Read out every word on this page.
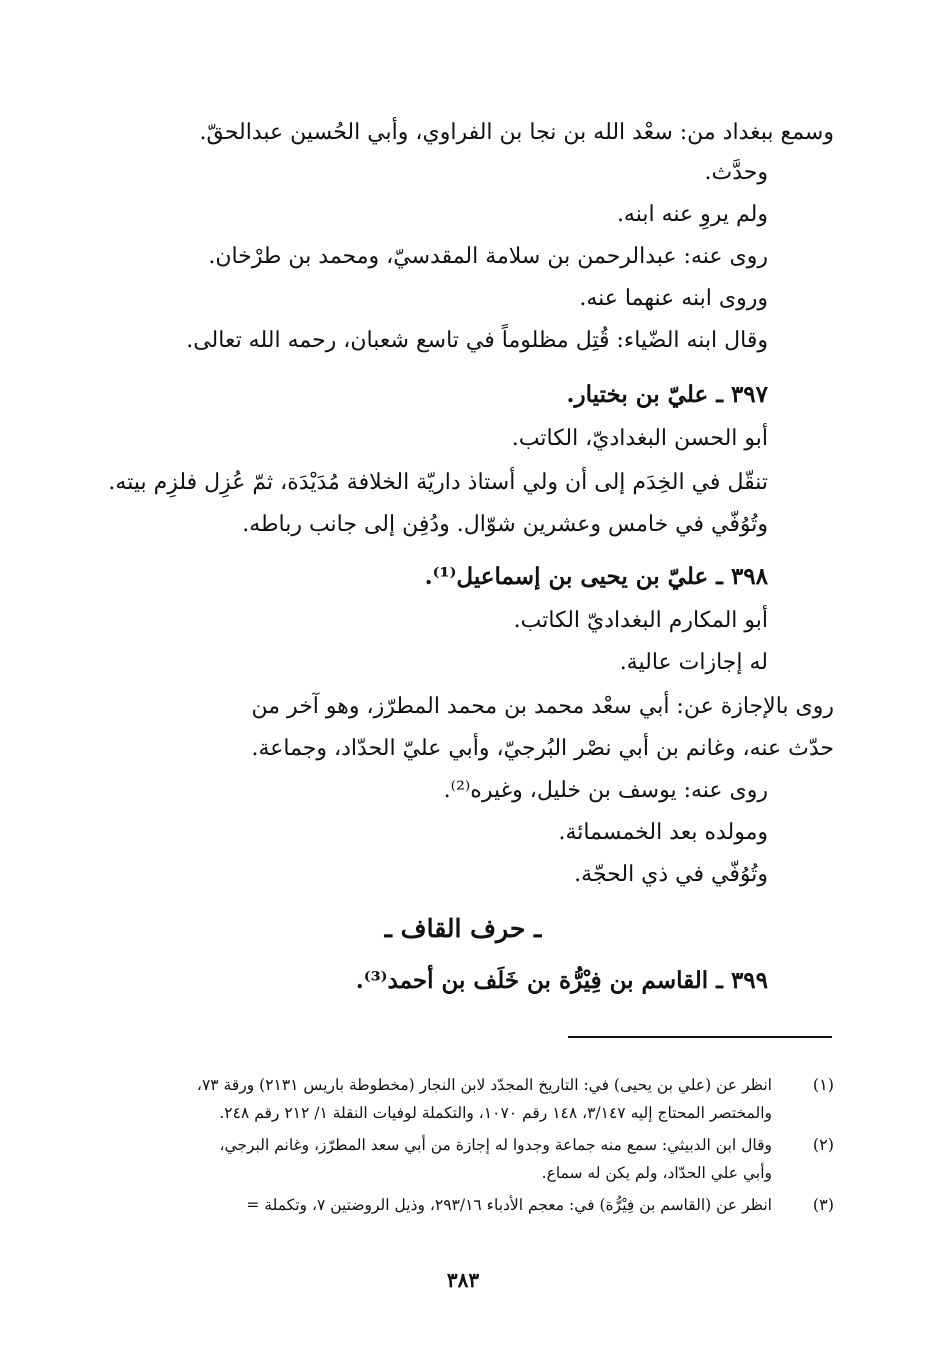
وسمع ببغداد من: سعْد الله بن نجا بن الفراوي، وأبي الحُسين عبدالحقّ.
وحدَّث.
ولم يروِ عنه ابنه.
روى عنه: عبدالرحمن بن سلامة المقدسيّ، ومحمد بن طرْخان.
وروى ابنه عنهما عنه.
وقال ابنه الضّياء: قُتِل مظلوماً في تاسع شعبان، رحمه الله تعالى.
٣٩٧ ـ عليّ بن بختيار.
أبو الحسن البغداديّ، الكاتب.
تنقّل في الخِدَم إلى أن ولي أستاذ داريّة الخلافة مُدَيْدَة، ثمّ عُزِل فلزِم بيته.
وتُوُفّي في خامس وعشرين شوّال. ودُفِن إلى جانب رباطه.
٣٩٨ ـ عليّ بن يحيى بن إسماعيل⁽¹⁾.
أبو المكارم البغداديّ الكاتب.
له إجازات عالية.
روى بالإجازة عن: أبي سعْد محمد بن محمد المطرّز، وهو آخر من
حدّث عنه، وغانم بن أبي نصْر البُرجيّ، وأبي عليّ الحدّاد، وجماعة.
روى عنه: يوسف بن خليل، وغيره⁽²⁾.
ومولده بعد الخمسمائة.
وتُوُفّي في ذي الحجّة.
ـ حرف القاف ـ
٣٩٩ ـ القاسم بن فِيْرُّة بن خَلَف بن أحمد⁽³⁾.
(١)
انظر عن (علي بن يحيى) في: التاريخ المجدّد لابن النجار (مخطوطة باريس ٢١٣١) ورقة ٧٣،
والمختصر المحتاج إليه ٣/١٤٧، ١٤٨ رقم ١٠٧٠، والتكملة لوفيات النقلة ١/ ٢١٢ رقم ٢٤٨.
(٢)
وقال ابن الدبيثي: سمع منه جماعة وجدوا له إجازة من أبي سعد المطرّز، وغانم البرجي،
وأبي علي الحدّاد، ولم يكن له سماع.
(٣)
انظر عن (القاسم بن فِيْرُّة) في: معجم الأدباء ٢٩٣/١٦، وذيل الروضتين ٧، وتكملة =
٣٨٣
